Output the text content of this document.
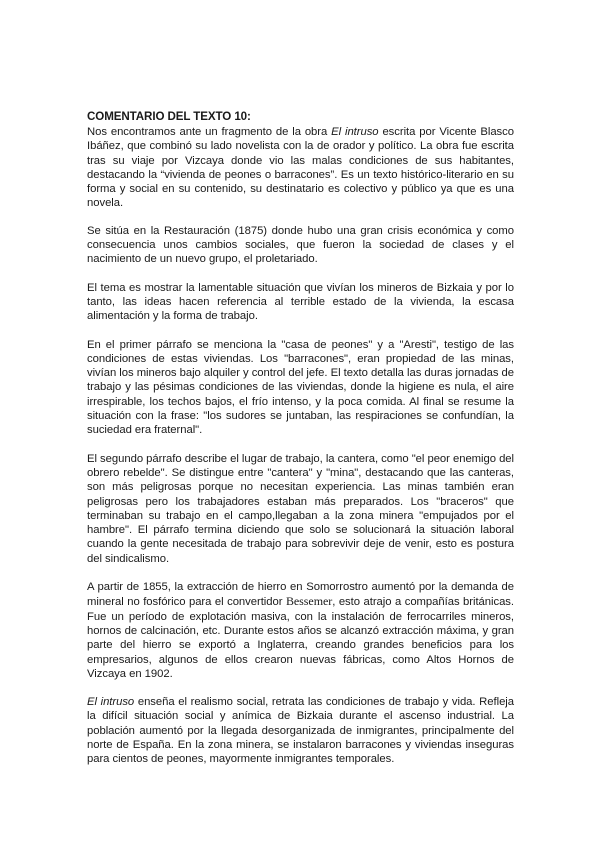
COMENTARIO DEL TEXTO 10:

Nos encontramos ante un fragmento de la obra El intruso escrita por Vicente Blasco Ibáñez, que combinó su lado novelista con la de orador y político. La obra fue escrita tras su viaje por Vizcaya donde vio las malas condiciones de sus habitantes, destacando la “vivienda de peones o barracones”. Es un texto histórico-literario en su forma y social en su contenido, su destinatario es colectivo y público ya que es una novela.

Se sitúa en la Restauración (1875) donde hubo una gran crisis económica y como consecuencia unos cambios sociales, que fueron la sociedad de clases y el nacimiento de un nuevo grupo, el proletariado.

El tema es mostrar la lamentable situación que vivían los mineros de Bizkaia y por lo tanto, las ideas hacen referencia al terrible estado de la vivienda, la escasa alimentación y la forma de trabajo.

En el primer párrafo se menciona la "casa de peones" y a "Aresti", testigo de las condiciones de estas viviendas. Los "barracones", eran propiedad de las minas, vivían los mineros bajo alquiler y control del jefe. El texto detalla las duras jornadas de trabajo y las pésimas condiciones de las viviendas, donde la higiene es nula, el aire irrespirable, los techos bajos, el frío intenso, y la poca comida. Al final se resume la situación con la frase: "los sudores se juntaban, las respiraciones se confundían, la suciedad era fraternal".

El segundo párrafo describe el lugar de trabajo, la cantera, como "el peor enemigo del obrero rebelde". Se distingue entre "cantera" y "mina", destacando que las canteras, son más peligrosas porque no necesitan experiencia. Las minas también eran peligrosas pero los trabajadores estaban más preparados. Los "braceros" que terminaban su trabajo en el campo,llegaban a la zona minera "empujados por el hambre". El párrafo termina diciendo que solo se solucionará la situación laboral cuando la gente necesitada de trabajo para sobrevivir deje de venir, esto es postura del sindicalismo.

A partir de 1855, la extracción de hierro en Somorrostro aumentó por la demanda de mineral no fosfórico para el convertidor Bessemer, esto atrajo a compañías británicas. Fue un período de explotación masiva, con la instalación de ferrocarriles mineros, hornos de calcinación, etc. Durante estos años se alcanzó extracción máxima, y gran parte del hierro se exportó a Inglaterra, creando grandes beneficios para los empresarios, algunos de ellos crearon nuevas fábricas, como Altos Hornos de Vizcaya en 1902.

El intruso enseña el realismo social, retrata las condiciones de trabajo y vida. Refleja la difícil situación social y anímica de Bizkaia durante el ascenso industrial. La población aumentó por la llegada desorganizada de inmigrantes, principalmente del norte de España. En la zona minera, se instalaron barracones y viviendas inseguras para cientos de peones, mayormente inmigrantes temporales.
